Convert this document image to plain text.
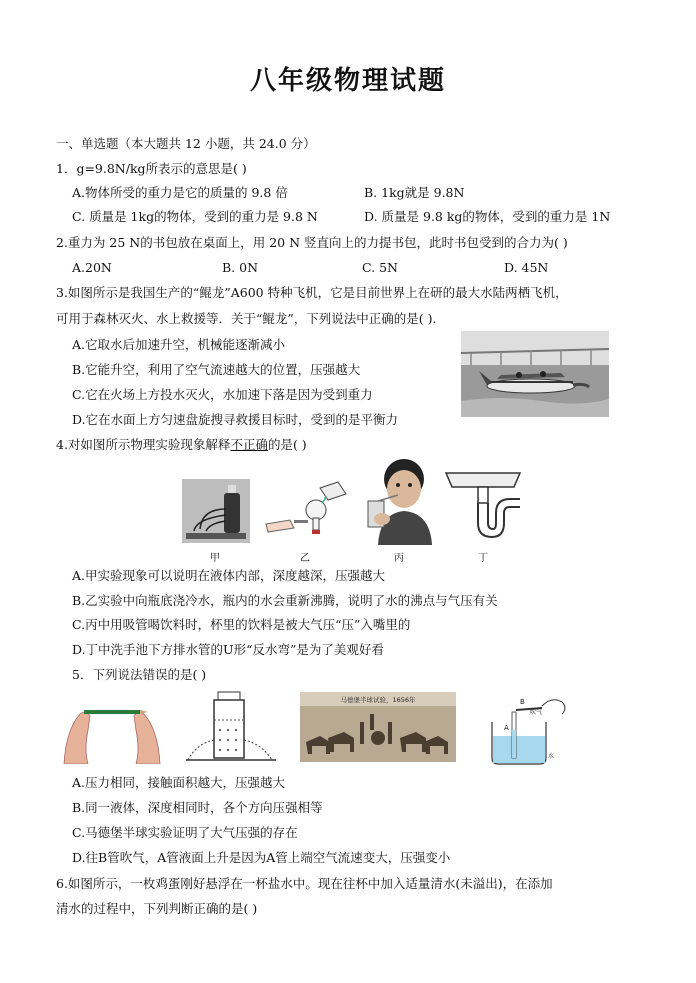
八年级物理试题
一、单选题（本大题共 12 小题，共 24.0 分）
1．g=9.8N/kg所表示的意思是( )
A.物体所受的重力是它的质量的 9.8 倍	B. 1kg就是 9.8N
C. 质量是 1kg的物体，受到的重力是 9.8 N	D. 质量是 9.8 kg的物体，受到的重力是 1N
2.重力为 25 N的书包放在桌面上，用 20 N 竖直向上的力提书包，此时书包受到的合力为( )
A.20N	B. 0N	C. 5N	D. 45N
3.如图所示是我国生产的“鲲龙”A600 特种飞机，它是目前世界上在研的最大水陆两栖飞机，
可用于森林灭火、水上救援等．关于“鲲龙”，下列说法中正确的是( ).
A.它取水后加速升空，机械能逐渐减小
B.它能升空，利用了空气流速越大的位置，压强越大
C.它在火场上方投水灭火，水加速下落是因为受到重力
D.它在水面上方匀速盘旋搜寻救援目标时，受到的是平衡力
4.对如图所示物理实验现象解释不正确的是( )
甲	乙	丙	丁
A.甲实验现象可以说明在液体内部，深度越深，压强越大
B.乙实验中向瓶底浇冷水，瓶内的水会重新沸腾，说明了水的沸点与气压有关
C.丙中用吸管喝饮料时，杯里的饮料是被大气压“压”入嘴里的
D.丁中洗手池下方排水管的U形“反水弯”是为了美观好看
5．下列说法错误的是( )
马德堡半球试验，1656年	B
吹气
A
水
A.压力相同，接触面积越大，压强越大
B.同一液体，深度相同时，各个方向压强相等
C.马德堡半球实验证明了大气压强的存在
D.往B管吹气，A管液面上升是因为A管上端空气流速变大，压强变小
6.如图所示，一枚鸡蛋刚好悬浮在一杯盐水中。现在往杯中加入适量清水(未溢出)，在添加
清水的过程中，下列判断正确的是( )
